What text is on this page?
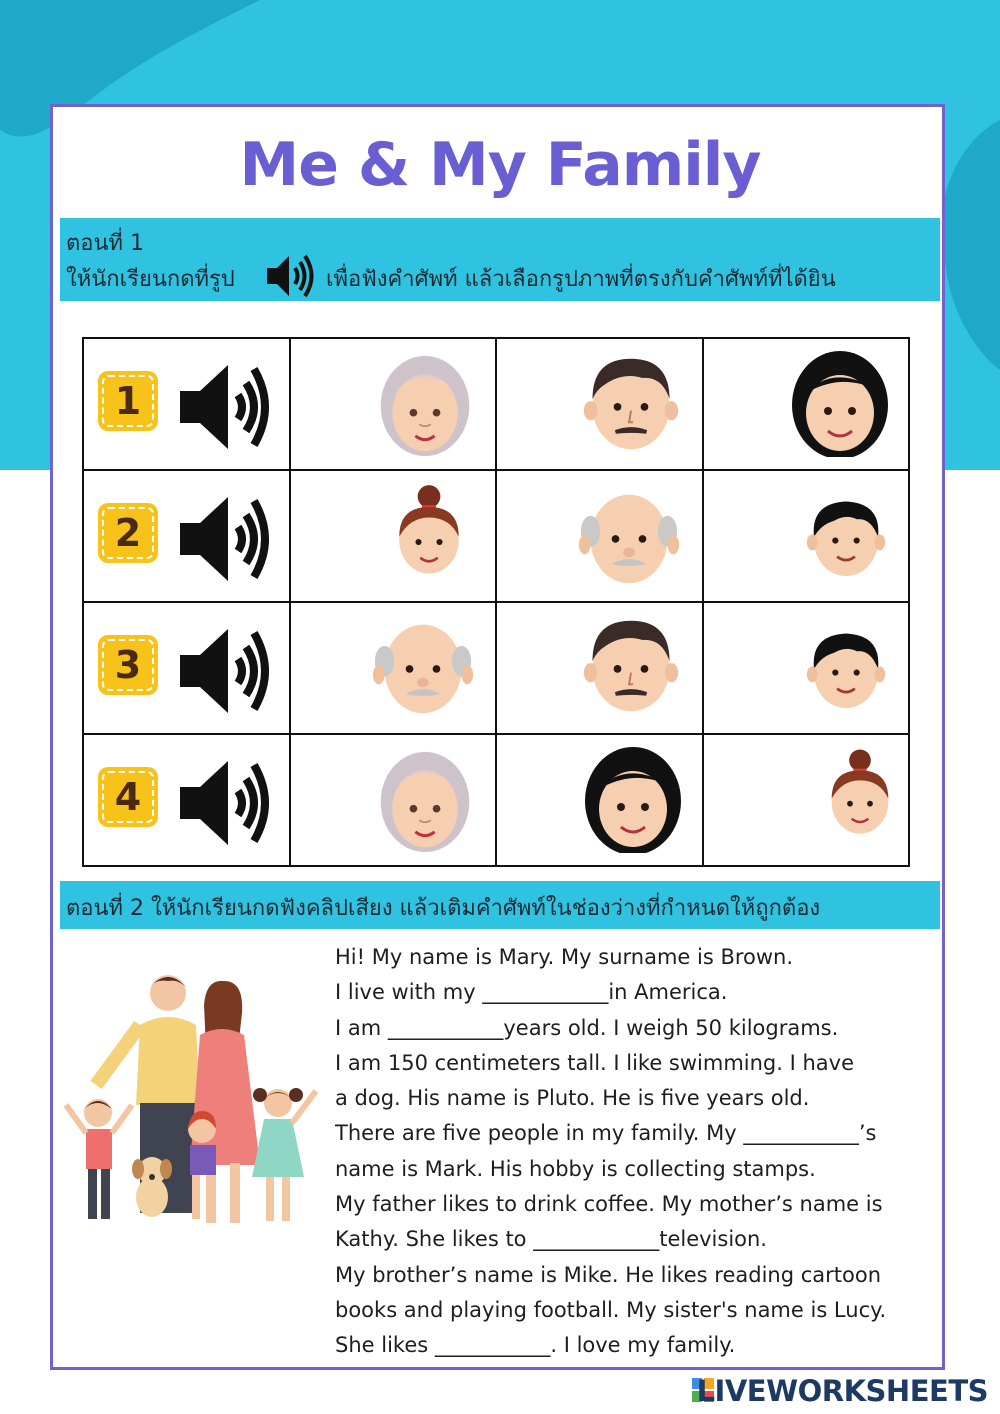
Me & My Family
ตอนที่ 1
ให้นักเรียนกดที่รูป	เพื่อฟังคำศัพท์ แล้วเลือกรูปภาพที่ตรงกับคำศัพท์ที่ได้ยิน
1

2

3

4

ตอนที่ 2 ให้นักเรียนกดฟังคลิปเสียง แล้วเติมคำศัพท์ในช่องว่างที่กำหนดให้ถูกต้อง
Hi! My name is Mary. My surname is Brown.
I live with my ____________in America.
I am ___________years old. I weigh 50 kilograms.
I am 150 centimeters tall. I like swimming. I have
a dog. His name is Pluto. He is five years old.
There are five people in my family. My ___________’s
name is Mark. His hobby is collecting stamps.
My father likes to drink coffee. My mother’s name is
Kathy. She likes to ____________television.
My brother’s name is Mike. He likes reading cartoon
books and playing football. My sister's name is Lucy.
She likes ___________. I love my family.
LIVEWORKSHEETS
